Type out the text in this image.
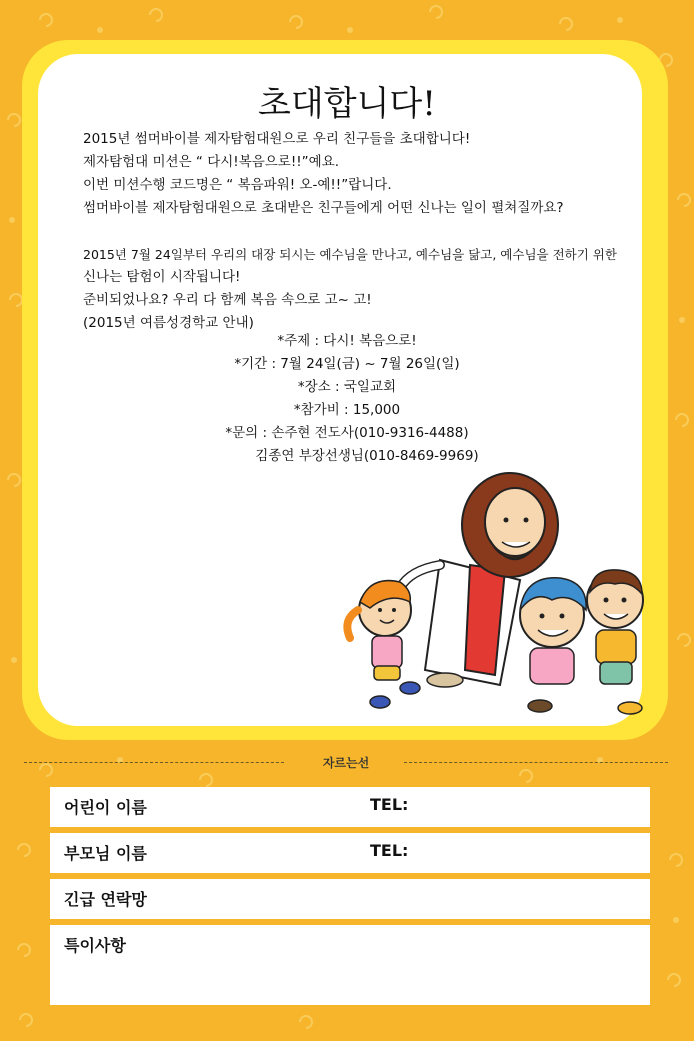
초대합니다!

2015년 썸머바이블 제자탐험대원으로 우리 친구들을 초대합니다!

제자탐험대 미션은 “ 다시!복음으로!!”예요.

이번 미션수행 코드명은 “ 복음파워! 오-예!!”랍니다.

썸머바이블 제자탐험대원으로 초대받은 친구들에게 어떤 신나는 일이 펼쳐질까요?

2015년 7월 24일부터 우리의 대장 되시는 예수님을 만나고, 예수님을 닮고, 예수님을 전하기 위한

신나는 탐험이 시작됩니다!

준비되었나요? 우리 다 함께 복음 속으로 고~ 고!

(2015년 여름성경학교 안내)

*주제 : 다시! 복음으로!

*기간 : 7월 24일(금) ~ 7월 26일(일)

*장소 : 국일교회

*참가비 : 15,000

*문의 : 손주현 전도사(010-9316-4488)

김종연 부장선생님(010-8469-9969)

자르는선
어린이 이름	TEL:
부모님 이름	TEL:
긴급 연락망
특이사항
